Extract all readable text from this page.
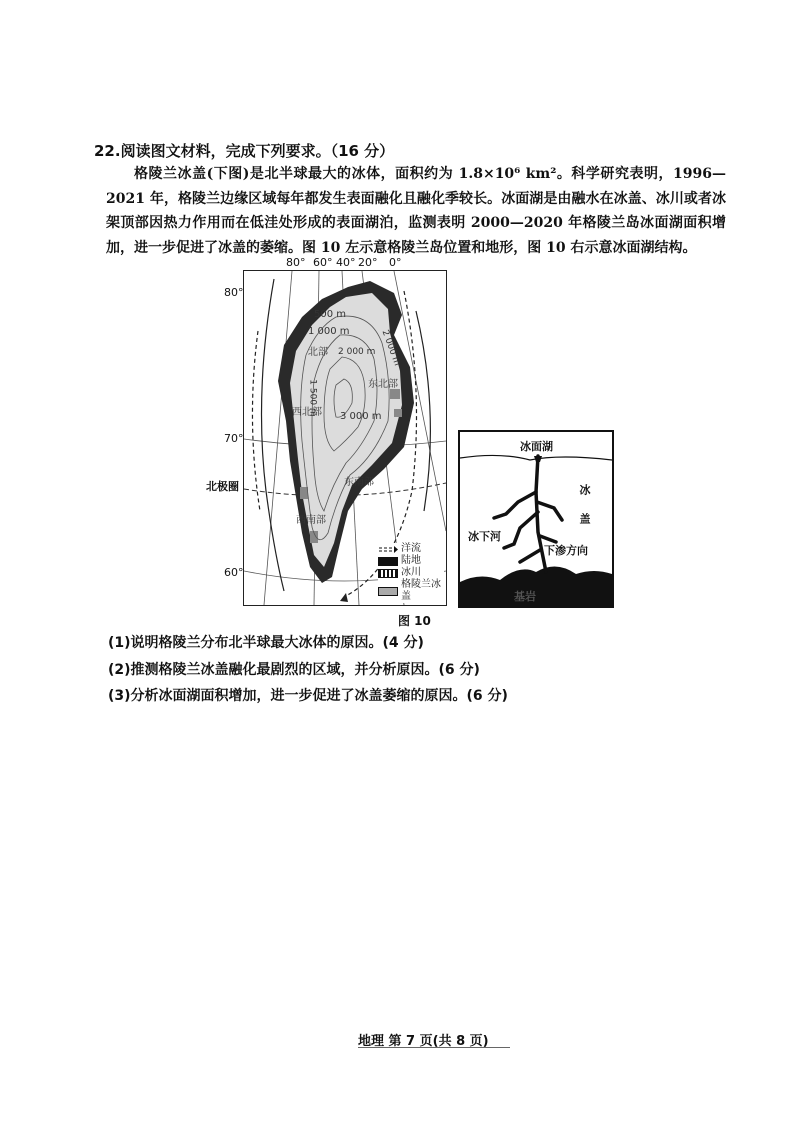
22.阅读图文材料，完成下列要求。（16 分）
格陵兰冰盖(下图)是北半球最大的冰体，面积约为 1.8×10⁶ km²。科学研究表明，1996—2021 年，格陵兰边缘区域每年都发生表面融化且融化季较长。冰面湖是由融水在冰盖、冰川或者冰架顶部因热力作用而在低洼处形成的表面湖泊，监测表明 2000—2020 年格陵兰岛冰面湖面积增加，进一步促进了冰盖的萎缩。图 10 左示意格陵兰岛位置和地形，图 10 右示意冰面湖结构。
80° 60° 40° 20° 0°
80°
70°
60°
北极圈
500 m
1 000 m	2 000 m
1 500 m 3 000 m
2 000 m
北部
东北部
西北部
东南部
西南部
洋流
陆地
冰川
格陵兰冰盖
冰面湖
冰盖
冰下河
下渗方向
基岩
图 10
(1)说明格陵兰分布北半球最大冰体的原因。(4 分)
(2)推测格陵兰冰盖融化最剧烈的区域，并分析原因。(6 分)
(3)分析冰面湖面积增加，进一步促进了冰盖萎缩的原因。(6 分)
地理 第 7 页(共 8 页)
